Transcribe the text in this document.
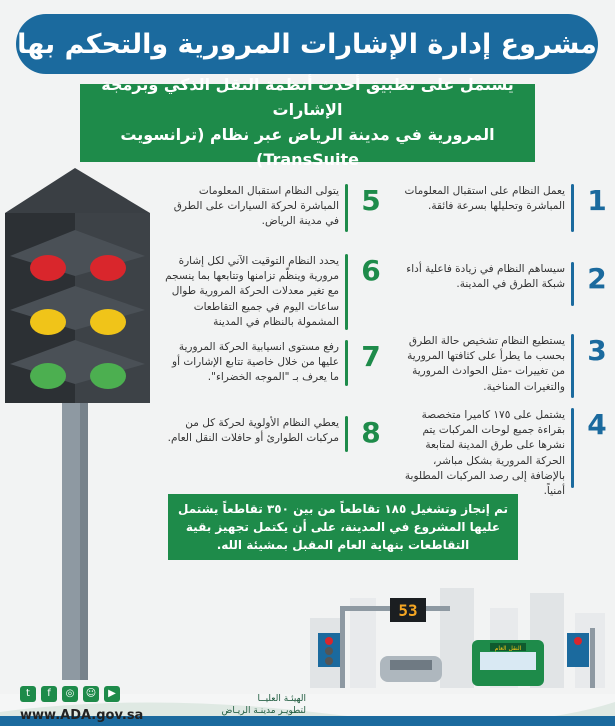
مشروع إدارة الإشارات المرورية والتحكم بها
يشتمل على تطبيق أحدث أنظمة النقل الذكي وبرمجة الإشارات
المرورية في مدينة الرياض عبر نظام (ترانسويت TransSuite)
1
يعمل النظام على استقبال المعلومات المباشرة وتحليلها بسرعة فائقة.
2
سيساهم النظام في زيادة فاعلية أداء شبكة الطرق في المدينة.
3
يستطيع النظام تشخيص حالة الطرق بحسب ما يطرأ على كثافتها المرورية من تغييرات -مثل الحوادث المرورية والتغيرات المناخية.
4
يشتمل على ١٧٥ كاميرا متخصصة بقراءة جميع لوحات المركبات يتم نشرها على طرق المدينة لمتابعة الحركة المرورية بشكل مباشر، بالإضافة إلى رصد المركبات المطلوبة أمنياً.
5
يتولى النظام استقبال المعلومات المباشرة لحركة السيارات على الطرق في مدينة الرياض.
6
يحدد النظام التوقيت الآني لكل إشارة مرورية وينظّم تزامنها وتتابعها بما ينسجم مع تغير معدلات الحركة المرورية طوال ساعات اليوم في جميع التقاطعات المشمولة بالنظام في المدينة
7
رفع مستوى انسيابية الحركة المرورية عليها من خلال خاصية تتابع الإشارات أو ما يعرف بـ "الموجه الخضراء".
8
يعطي النظام الأولوية لحركة كل من مركبات الطوارئ أو حافلات النقل العام.
تم إنجاز وتشغيل ١٨٥ تقاطعاً من بين ٣٥٠ تقاطعاً يشتمل عليها المشروع في المدينة، على أن يكتمل تجهيز بقية التقاطعات بنهاية العام المقبل بمشيئة الله.
53
ﺍﻟﻨﻘﻞ ﺍﻟﻌﺎﻡ
t	f	◎	☺	▶
www.ADA.gov.sa
الهيئـة العليــا
لتطويـر مدينـة الريـاض
